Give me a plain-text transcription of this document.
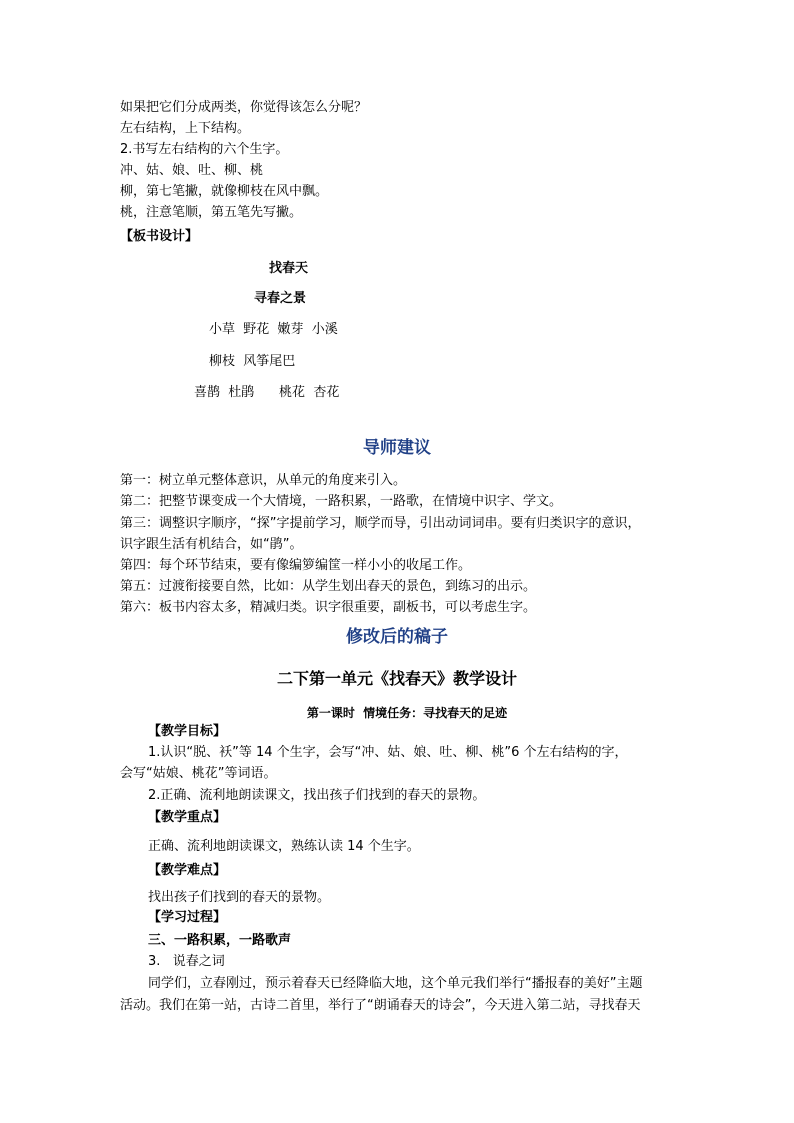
如果把它们分成两类，你觉得该怎么分呢？
左右结构，上下结构。
2.书写左右结构的六个生字。
冲、姑、娘、吐、柳、桃
柳，第七笔撇，就像柳枝在风中飘。
桃，注意笔顺，第五笔先写撇。
【板书设计】
找春天
寻春之景
小草  野花  嫩芽  小溪
柳枝  风筝尾巴
喜鹊  杜鹃      桃花  杏花
导师建议
第一：树立单元整体意识，从单元的角度来引入。
第二：把整节课变成一个大情境，一路积累，一路歌，在情境中识字、学文。
第三：调整识字顺序，“探”字提前学习，顺学而导，引出动词词串。要有归类识字的意识，
识字跟生活有机结合，如“鹃”。
第四：每个环节结束，要有像编箩编筐一样小小的收尾工作。
第五：过渡衔接要自然，比如：从学生划出春天的景色，到练习的出示。
第六：板书内容太多，精减归类。识字很重要，副板书，可以考虑生字。
修改后的稿子
二下第一单元《找春天》教学设计
第一课时  情境任务：寻找春天的足迹
【教学目标】
1.认识“脱、袄”等 14 个生字，会写“冲、姑、娘、吐、柳、桃”6 个左右结构的字，
会写“姑娘、桃花”等词语。
2.正确、流利地朗读课文，找出孩子们找到的春天的景物。
【教学重点】
正确、流利地朗读课文，熟练认读 14 个生字。
【教学难点】
找出孩子们找到的春天的景物。
【学习过程】
三、一路积累，一路歌声
3.   说春之词
同学们，立春刚过，预示着春天已经降临大地，这个单元我们举行“播报春的美好”主题
活动。我们在第一站，古诗二首里，举行了“朗诵春天的诗会”，今天进入第二站，寻找春天
